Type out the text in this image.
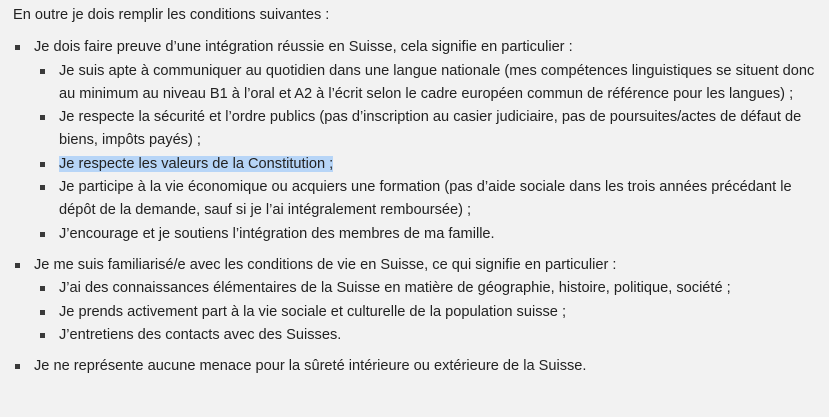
En outre je dois remplir les conditions suivantes :

Je dois faire preuve d’une intégration réussie en Suisse, cela signifie en particulier :
Je suis apte à communiquer au quotidien dans une langue nationale (mes compétences linguistiques se situent donc au minimum au niveau B1 à l’oral et A2 à l’écrit selon le cadre européen commun de référence pour les langues) ;
Je respecte la sécurité et l’ordre publics (pas d’inscription au casier judiciaire, pas de poursuites/actes de défaut de biens, impôts payés) ;
Je respecte les valeurs de la Constitution ;
Je participe à la vie économique ou acquiers une formation (pas d’aide sociale dans les trois années précédant le dépôt de la demande, sauf si je l’ai intégralement remboursée) ;
J’encourage et je soutiens l’intégration des membres de ma famille.
Je me suis familiarisé/e avec les conditions de vie en Suisse, ce qui signifie en particulier :
J’ai des connaissances élémentaires de la Suisse en matière de géographie, histoire, politique, société ;
Je prends activement part à la vie sociale et culturelle de la population suisse ;
J’entretiens des contacts avec des Suisses.
Je ne représente aucune menace pour la sûreté intérieure ou extérieure de la Suisse.
